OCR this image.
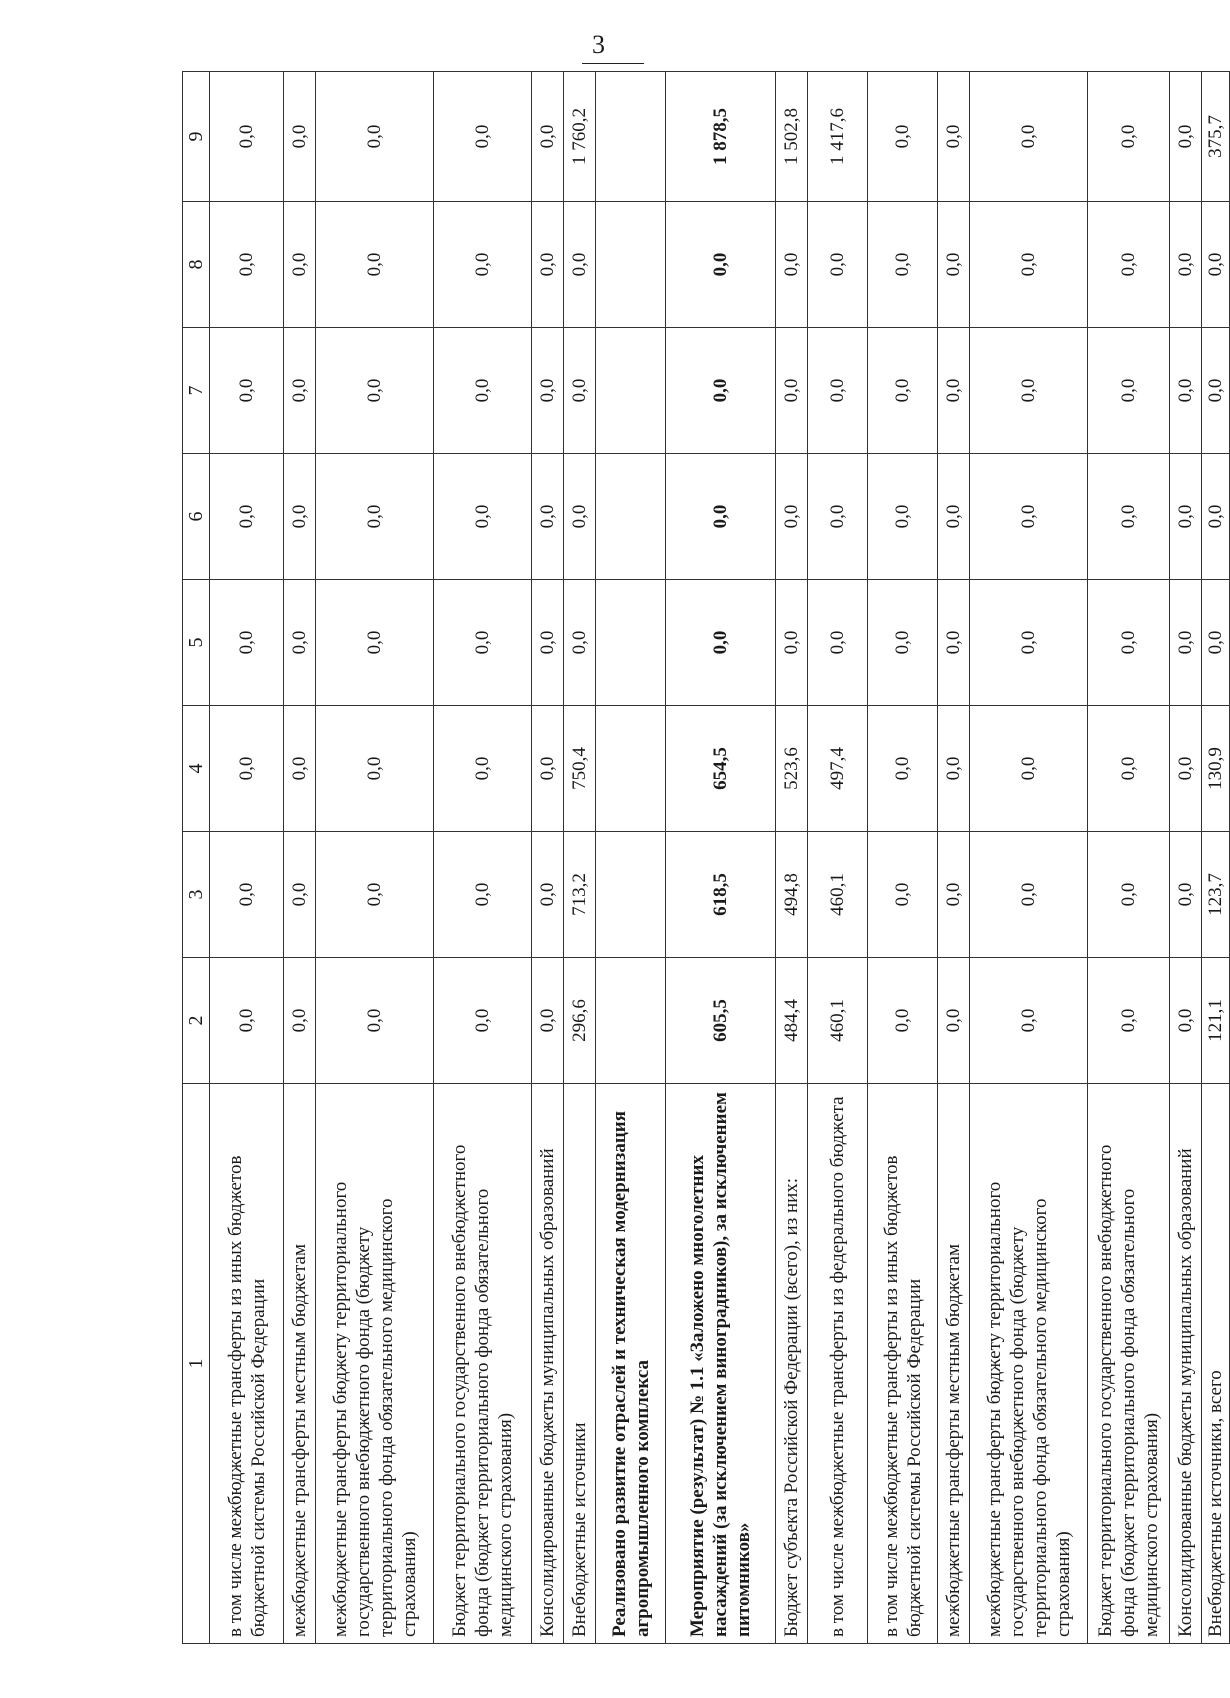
3
1	2	3	4	5	6	7	8	9
в том числе межбюджетные трансферты из иных бюджетов бюджетной системы Российской Федерации	0,0	0,0	0,0	0,0	0,0	0,0	0,0	0,0
межбюджетные трансферты местным бюджетам	0,0	0,0	0,0	0,0	0,0	0,0	0,0	0,0
межбюджетные трансферты бюджету территориального государственного внебюджетного фонда (бюджету территориального фонда обязательного медицинского страхования)	0,0	0,0	0,0	0,0	0,0	0,0	0,0	0,0
Бюджет территориального государственного внебюджетного фонда (бюджет территориального фонда обязательного медицинского страхования)	0,0	0,0	0,0	0,0	0,0	0,0	0,0	0,0
Консолидированные бюджеты муниципальных образований	0,0	0,0	0,0	0,0	0,0	0,0	0,0	0,0
Внебюджетные источники	296,6	713,2	750,4	0,0	0,0	0,0	0,0	1 760,2
Реализовано развитие отраслей и техническая модернизация агропромышленного комплекса								
Мероприятие (результат) № 1.1 «Заложено многолетних насаждений (за исключением виноградников), за исключением питомников»	605,5	618,5	654,5	0,0	0,0	0,0	0,0	1 878,5
Бюджет субъекта Российской Федерации (всего), из них:	484,4	494,8	523,6	0,0	0,0	0,0	0,0	1 502,8
в том числе межбюджетные трансферты из федерального бюджета	460,1	460,1	497,4	0,0	0,0	0,0	0,0	1 417,6
в том числе межбюджетные трансферты из иных бюджетов бюджетной системы Российской Федерации	0,0	0,0	0,0	0,0	0,0	0,0	0,0	0,0
межбюджетные трансферты местным бюджетам	0,0	0,0	0,0	0,0	0,0	0,0	0,0	0,0
межбюджетные трансферты бюджету территориального государственного внебюджетного фонда (бюджету территориального фонда обязательного медицинского страхования)	0,0	0,0	0,0	0,0	0,0	0,0	0,0	0,0
Бюджет территориального государственного внебюджетного фонда (бюджет территориального фонда обязательного медицинского страхования)	0,0	0,0	0,0	0,0	0,0	0,0	0,0	0,0
Консолидированные бюджеты муниципальных образований	0,0	0,0	0,0	0,0	0,0	0,0	0,0	0,0
Внебюджетные источники, всего	121,1	123,7	130,9	0,0	0,0	0,0	0,0	375,7
